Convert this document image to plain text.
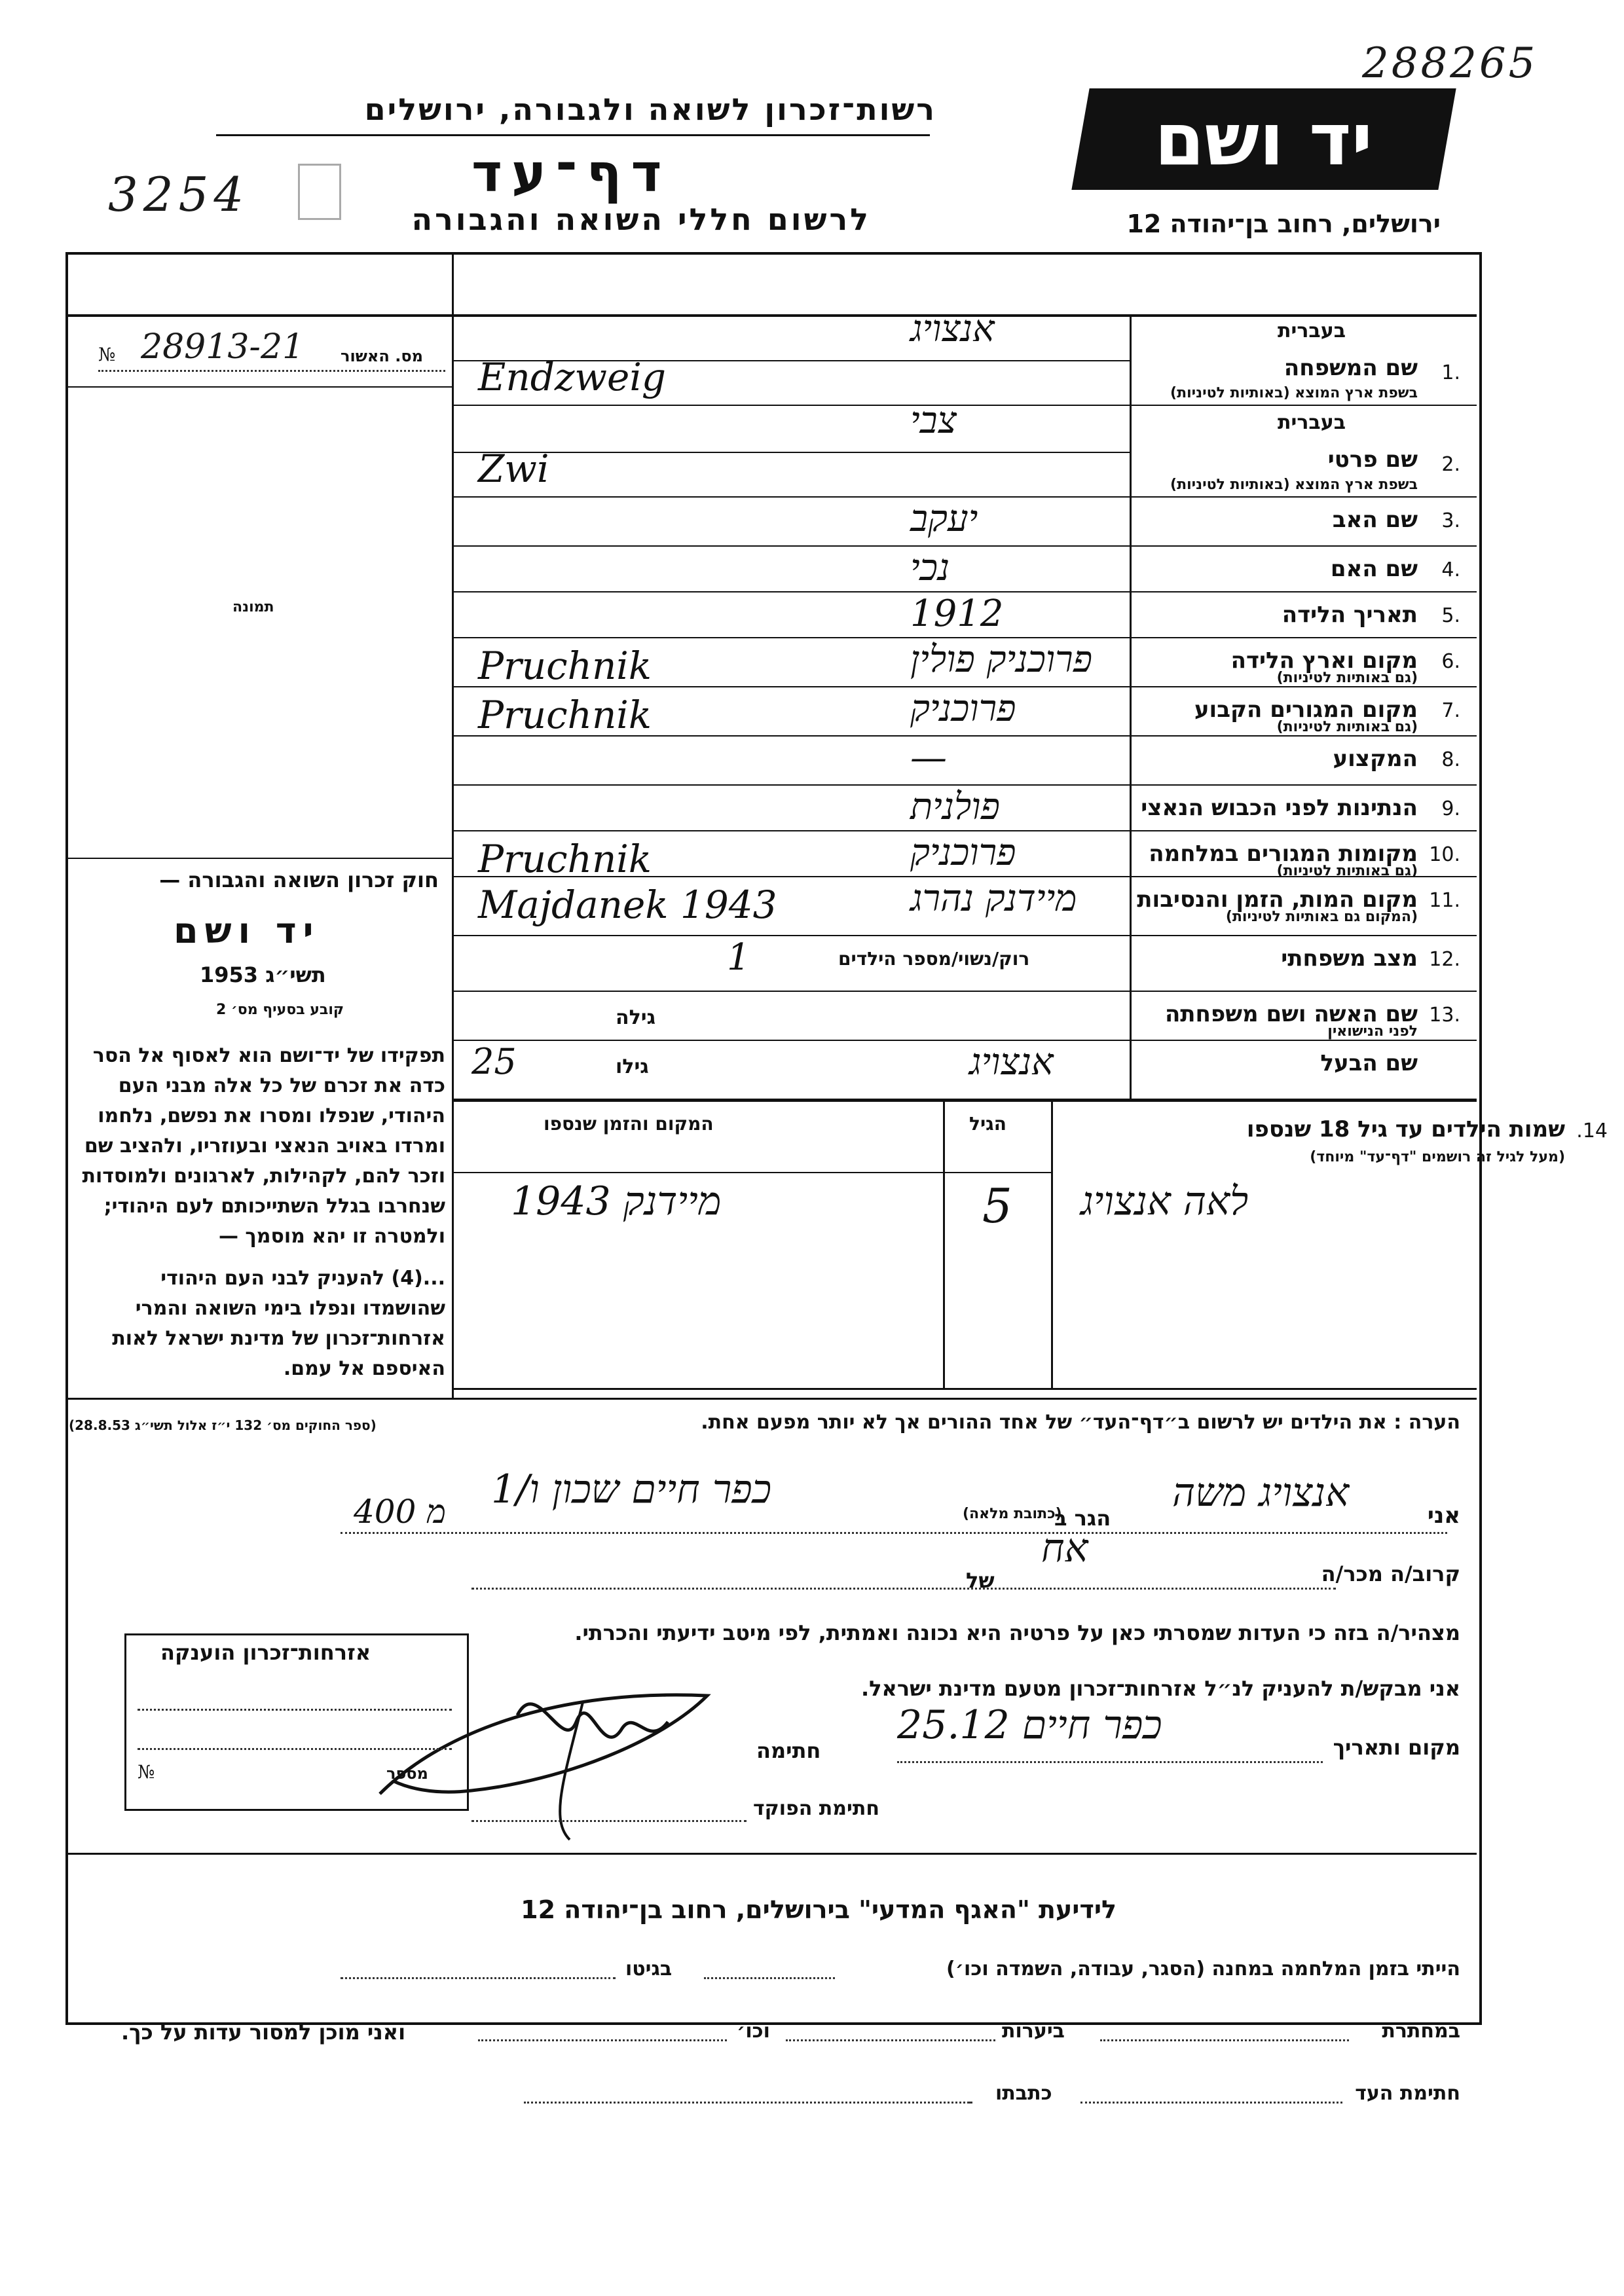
288265
יד ושם
רשות־זכרון לשואה ולגבורה, ירושלים
דף־עד
לרשום חללי השואה והגבורה	ירושלים, רחוב בן־יהודה 12
3254
מס. האשור
№ 28913-21
תמונה
חוק זכרון השואה והגבורה —
יד ושם
תשי״ג 1953
קובע בסעיף מס׳ 2
תפקידו של יד־ושם הוא לאסוף אל הסר כדה את זכרם של כל אלה מבני העם היהודי, שנפלו ומסרו את נפשם, נלחמו ומרדו באויב הנאצי ובעוזריו, ולהציב שם וזכר להם, לקהילות, לארגונים ולמוסדות שנחרבו בגלל השתייכותם לעם היהודי; ולמטרה זו יהא מוסמך —
...(4) להעניק לבני העם היהודי שהושמדו ונפלו בימי השואה והמרי אזרחות־זכרון של מדינת ישראל לאות האיספם אל עמם.
(ספר החוקים מס׳ 132 י״ז אלול תשי״ג 28.8.53)
1.
בעברית
שם המשפחה
בשפת ארץ המוצא (באותיות לטיניות)
אנצויג
Endzweig
2.
בעברית
שם פרטי
בשפת ארץ המוצא (באותיות לטיניות)
צבי
Zwi
3.
שם האב
יעקב
4.
שם האם
נכי
5.
תאריך הלידה
1912
6.
מקום וארץ הלידה
(גם באותיות לטיניות)
פרוכניק פולין
Pruchnik
7.
מקום המגורים הקבוע
(גם באותיות לטיניות)
פרוכניק
Pruchnik
8.
המקצוע
—
9.
הנתינות לפני הכבוש הנאצי
פולנית
10.
מקומות המגורים במלחמה
(גם באותיות לטיניות)
פרוכניק
Pruchnik
11.
מקום המות, הזמן והנסיבות
(המקום גם באותיות לטיניות)
מיידנק נהרג
Majdanek 1943
12.
מצב משפחתי
רוק/נשוי/מספר הילדים
1
13.
שם האשה ושם משפחתה
לפני הנישואין
גילה
שם הבעל
גילו
25	אנצויג
14.
שמות הילדים עד גיל 18 שנספו
(מעל לגיל זה רושמים "דף־עד" מיוחד)
הגיל
המקום והזמן שנספו
לאה אנצויג
5
מיידנק 1943
הערה : את הילדים יש לרשום ב״דף־העד״ של אחד ההורים אך לא יותר מפעם אחת.
אני
אנצויג משה
הגר ב
(כתובת מלאה)
כפר חיים שכון ו/1
400 מ
קרוב/ה מכר/ה
אח
של
מצהיר/ה בזה כי העדות שמסרתי כאן על פרטיה היא נכונה ואמתית, לפי מיטב ידיעתי והכרתי.
אני מבקש/ת להעניק לנ״ל אזרחות־זכרון מטעם מדינת ישראל.
מקום ותאריך
כפר חיים 25.12
חתימה
חתימת הפוקד
אזרחות־זכרון הוענקה
מספר
№
לידיעת "האגף המדעי" בירושלים, רחוב בן־יהודה 12
הייתי בזמן המלחמה במחנה (הסגר, עבודה, השמדה וכו׳)
בגיטו
במחתרת
ביערות
וכו׳
ואני מוכן למסור עדות על כך.
חתימת העד
כתבתו
